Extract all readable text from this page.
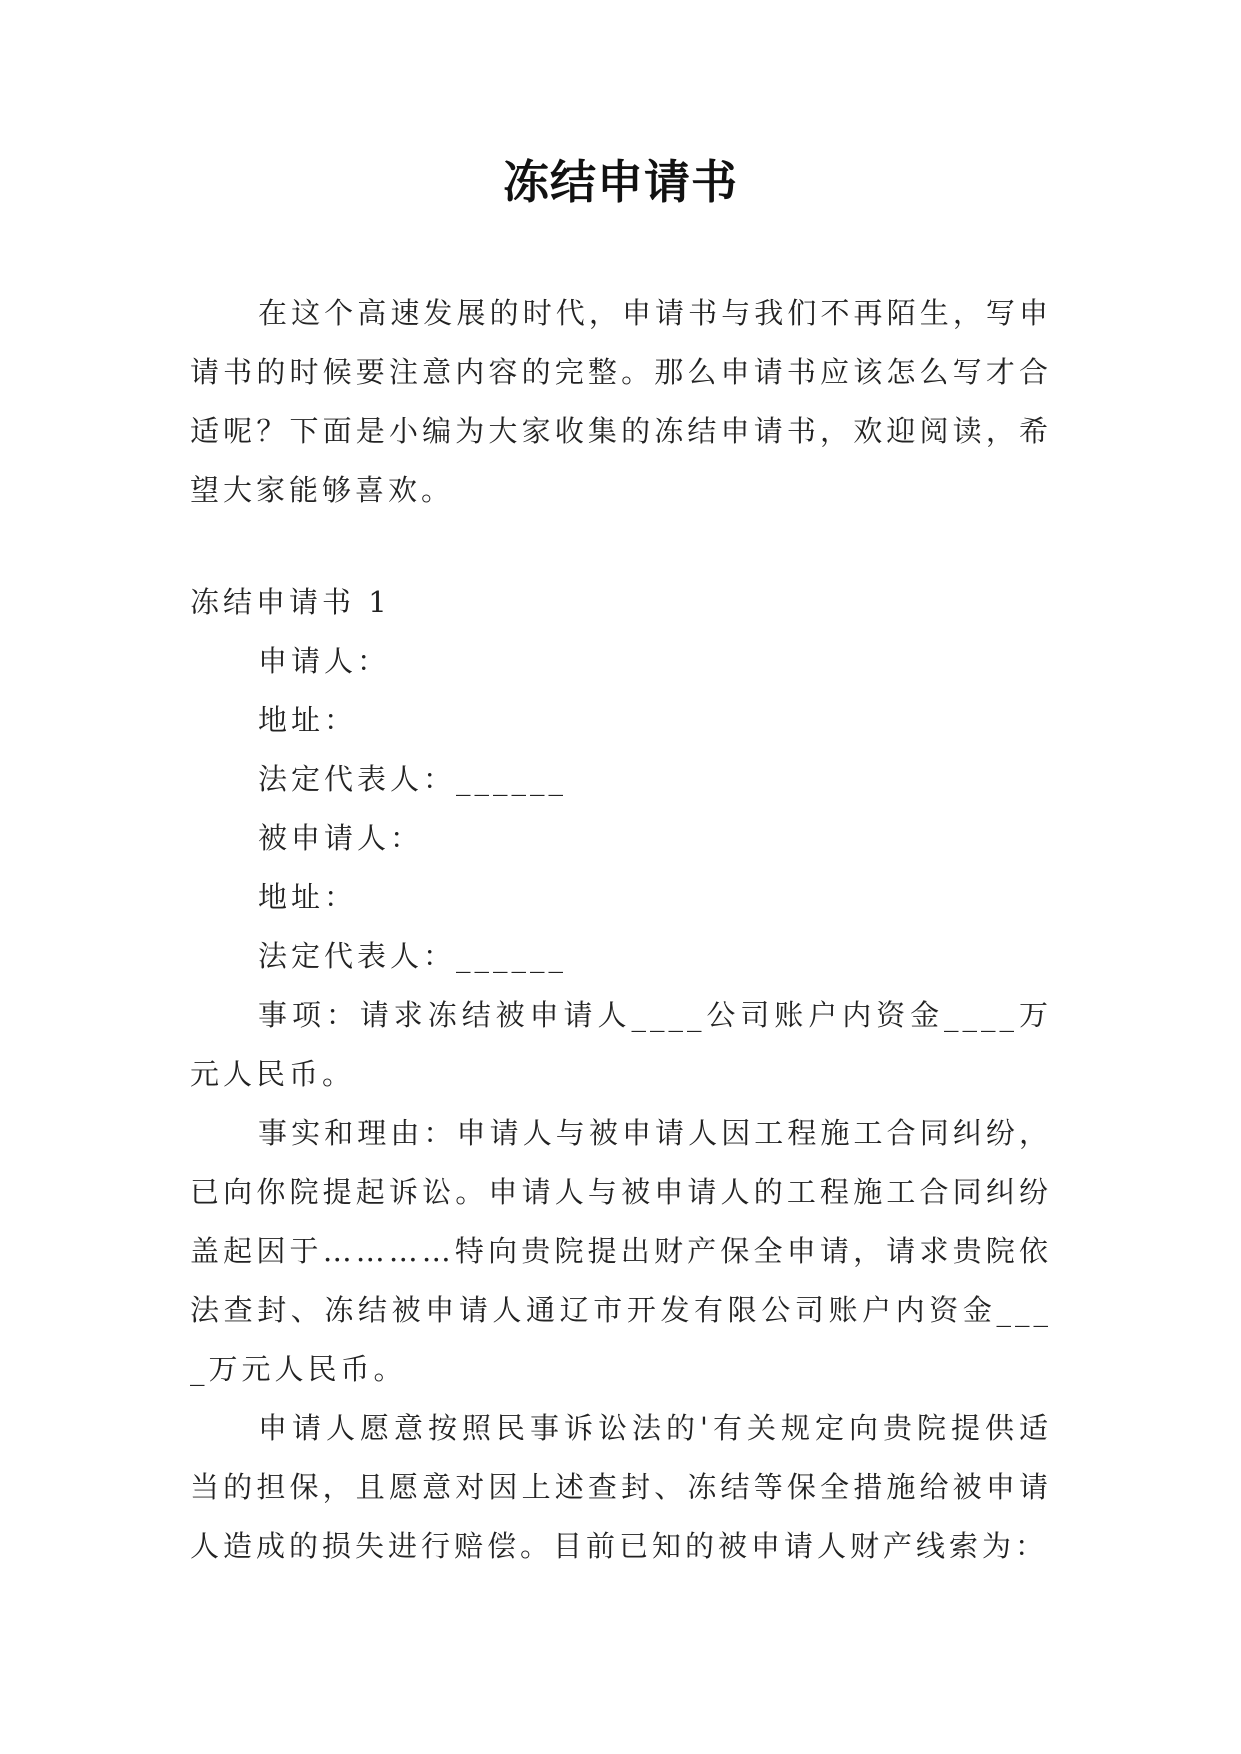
冻结申请书

在这个高速发展的时代，申请书与我们不再陌生，写申请书的时候要注意内容的完整。那么申请书应该怎么写才合适呢？下面是小编为大家收集的冻结申请书，欢迎阅读，希望大家能够喜欢。

冻结申请书 1

申请人：

地址：

法定代表人：______

被申请人：

地址：

法定代表人：______

事项：请求冻结被申请人____公司账户内资金____万元人民币。

事实和理由：申请人与被申请人因工程施工合同纠纷，已向你院提起诉讼。申请人与被申请人的工程施工合同纠纷盖起因于…………特向贵院提出财产保全申请，请求贵院依法查封、冻结被申请人通辽市开发有限公司账户内资金____万元人民币。

申请人愿意按照民事诉讼法的'有关规定向贵院提供适当的担保，且愿意对因上述查封、冻结等保全措施给被申请人造成的损失进行赔偿。目前已知的被申请人财产线索为：
